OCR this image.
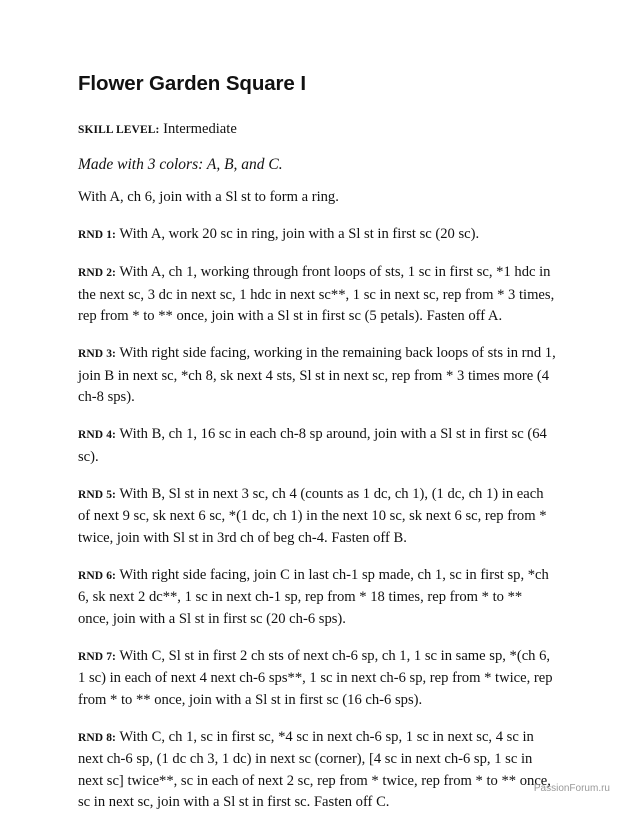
Flower Garden Square I

SKILL LEVEL: Intermediate

Made with 3 colors: A, B, and C.

With A, ch 6, join with a Sl st to form a ring.

RND 1: With A, work 20 sc in ring, join with a Sl st in first sc (20 sc).

RND 2: With A, ch 1, working through front loops of sts, 1 sc in first sc, *1 hdc in the next sc, 3 dc in next sc, 1 hdc in next sc**, 1 sc in next sc, rep from * 3 times, rep from * to ** once, join with a Sl st in first sc (5 petals). Fasten off A.

RND 3: With right side facing, working in the remaining back loops of sts in rnd 1, join B in next sc, *ch 8, sk next 4 sts, Sl st in next sc, rep from * 3 times more (4 ch-8 sps).

RND 4: With B, ch 1, 16 sc in each ch-8 sp around, join with a Sl st in first sc (64 sc).

RND 5: With B, Sl st in next 3 sc, ch 4 (counts as 1 dc, ch 1), (1 dc, ch 1) in each of next 9 sc, sk next 6 sc, *(1 dc, ch 1) in the next 10 sc, sk next 6 sc, rep from * twice, join with Sl st in 3rd ch of beg ch-4. Fasten off B.

RND 6: With right side facing, join C in last ch-1 sp made, ch 1, sc in first sp, *ch 6, sk next 2 dc**, 1 sc in next ch-1 sp, rep from * 18 times, rep from * to ** once, join with a Sl st in first sc (20 ch-6 sps).

RND 7: With C, Sl st in first 2 ch sts of next ch-6 sp, ch 1, 1 sc in same sp, *(ch 6, 1 sc) in each of next 4 next ch-6 sps**, 1 sc in next ch-6 sp, rep from * twice, rep from * to ** once, join with a Sl st in first sc (16 ch-6 sps).

RND 8: With C, ch 1, sc in first sc, *4 sc in next ch-6 sp, 1 sc in next sc, 4 sc in next ch-6 sp, (1 dc ch 3, 1 dc) in next sc (corner), [4 sc in next ch-6 sp, 1 sc in next sc] twice**, sc in each of next 2 sc, rep from * twice, rep from * to ** once, sc in next sc, join with a Sl st in first sc. Fasten off C.

PassionForum.ru
